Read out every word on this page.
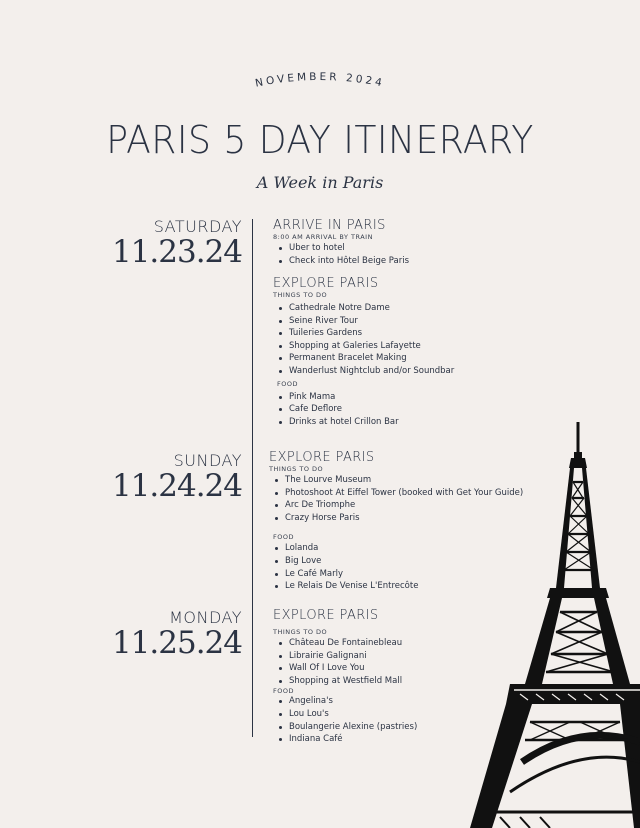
NOVEMBER 2024
PARIS 5 DAY ITINERARY
A Week in Paris
SATURDAY
11.23.24
ARRIVE IN PARIS
8:00 AM ARRIVAL BY TRAIN
Uber to hotel
Check into Hôtel Beige Paris
EXPLORE PARIS
THINGS TO DO
Cathedrale Notre Dame
Seine River Tour
Tuileries Gardens
Shopping at Galeries Lafayette
Permanent Bracelet Making
Wanderlust Nightclub and/or Soundbar
FOOD
Pink Mama
Cafe Deflore
Drinks at hotel Crillon Bar
SUNDAY
11.24.24
EXPLORE PARIS
THINGS TO DO
The Lourve Museum
Photoshoot At Eiffel Tower (booked with Get Your Guide)
Arc De Triomphe
Crazy Horse Paris
FOOD
Lolanda
Big Love
Le Café Marly
Le Relais De Venise L'Entrecôte
MONDAY
11.25.24
EXPLORE PARIS
THINGS TO DO
Château De Fontainebleau
Librairie Galignani
Wall Of I Love You
Shopping at Westfield Mall
FOOD
Angelina's
Lou Lou's
Boulangerie Alexine (pastries)
Indiana Café
